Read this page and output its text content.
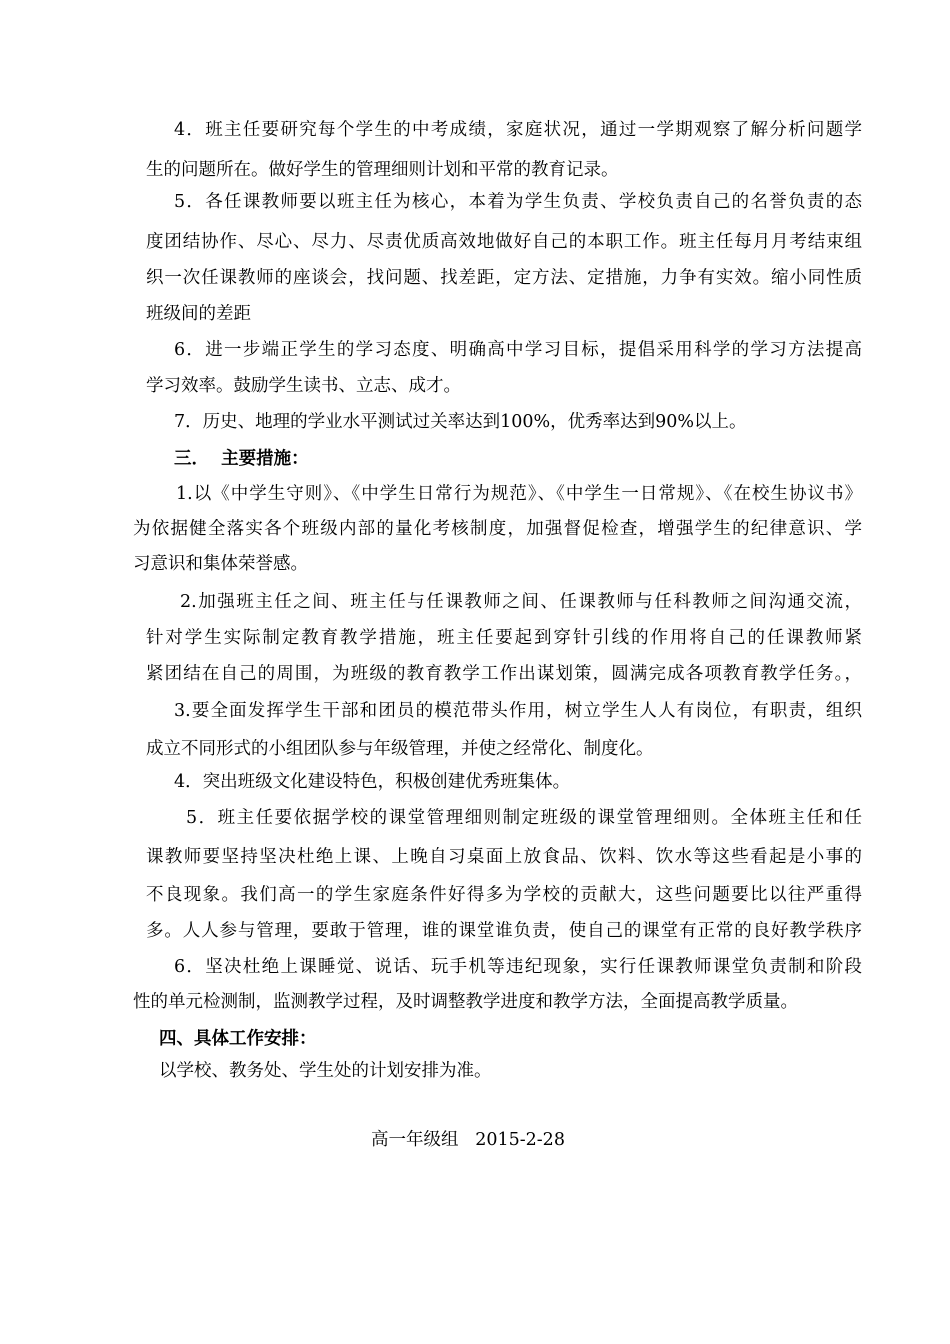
4．班主任要研究每个学生的中考成绩，家庭状况，通过一学期观察了解分析问题学
生的问题所在。做好学生的管理细则计划和平常的教育记录。
5．各任课教师要以班主任为核心，本着为学生负责、学校负责自己的名誉负责的态
度团结协作、尽心、尽力、尽责优质高效地做好自己的本职工作。班主任每月月考结束组
织一次任课教师的座谈会，找问题、找差距，定方法、定措施，力争有实效。缩小同性质
班级间的差距
6．进一步端正学生的学习态度、明确高中学习目标，提倡采用科学的学习方法提高
学习效率。鼓励学生读书、立志、成才。
7．历史、地理的学业水平测试过关率达到100%，优秀率达到90%以上。
三．  主要措施：
1.以《中学生守则》、《中学生日常行为规范》、《中学生一日常规》、《在校生协议书》
为依据健全落实各个班级内部的量化考核制度，加强督促检查，增强学生的纪律意识、学
习意识和集体荣誉感。
2.加强班主任之间、班主任与任课教师之间、任课教师与任科教师之间沟通交流，
针对学生实际制定教育教学措施，班主任要起到穿针引线的作用将自己的任课教师紧
紧团结在自己的周围，为班级的教育教学工作出谋划策，圆满完成各项教育教学任务。，
3.要全面发挥学生干部和团员的模范带头作用，树立学生人人有岗位，有职责，组织
成立不同形式的小组团队参与年级管理，并使之经常化、制度化。
4．突出班级文化建设特色，积极创建优秀班集体。
5．班主任要依据学校的课堂管理细则制定班级的课堂管理细则。全体班主任和任
课教师要坚持坚决杜绝上课、上晚自习桌面上放食品、饮料、饮水等这些看起是小事的
不良现象。我们高一的学生家庭条件好得多为学校的贡献大，这些问题要比以往严重得
多。人人参与管理，要敢于管理，谁的课堂谁负责，使自己的课堂有正常的良好教学秩序
6．坚决杜绝上课睡觉、说话、玩手机等违纪现象，实行任课教师课堂负责制和阶段
性的单元检测制，监测教学过程，及时调整教学进度和教学方法，全面提高教学质量。
四、具体工作安排：
以学校、教务处、学生处的计划安排为准。
高一年级组   2015-2-28
